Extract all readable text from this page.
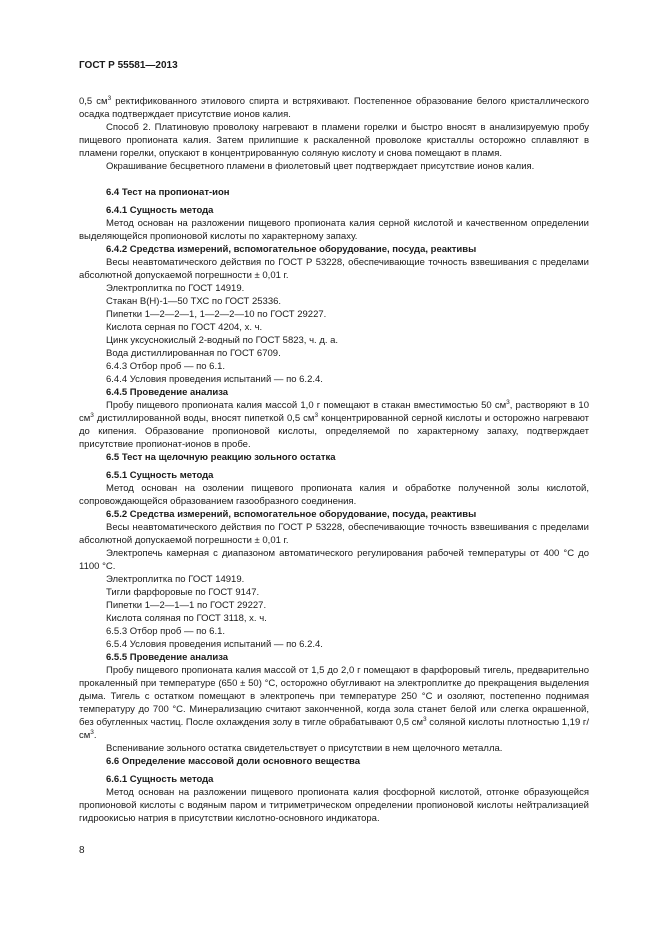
ГОСТ Р 55581—2013

0,5 $см^3$ ректификованного этилового спирта и встряхивают. Постепенное образование белого кристаллического осадка подтверждает присутствие ионов калия.

Способ 2. Платиновую проволоку нагревают в пламени горелки и быстро вносят в анализируемую пробу пищевого пропионата калия. Затем прилипшие к раскаленной проволоке кристаллы осторожно сплавляют в пламени горелки, опускают в концентрированную соляную кислоту и снова помещают в пламя.

Окрашивание бесцветного пламени в фиолетовый цвет подтверждает присутствие ионов калия.

6.4 Тест на пропионат-ион

6.4.1 Сущность метода

Метод основан на разложении пищевого пропионата калия серной кислотой и качественном определении выделяющейся пропионовой кислоты по характерному запаху.

6.4.2 Средства измерений, вспомогательное оборудование, посуда, реактивы

Весы неавтоматического действия по ГОСТ Р 53228, обеспечивающие точность взвешивания с пределами абсолютной допускаемой погрешности ± 0,01 г.

Электроплитка по ГОСТ 14919.

Стакан В(Н)-1—50 ТХС по ГОСТ 25336.

Пипетки 1—2—2—1, 1—2—2—10 по ГОСТ 29227.

Кислота серная по ГОСТ 4204, х. ч.

Цинк уксуснокислый 2-водный по ГОСТ 5823, ч. д. а.

Вода дистиллированная по ГОСТ 6709.

6.4.3 Отбор проб — по 6.1.

6.4.4 Условия проведения испытаний — по 6.2.4.

6.4.5 Проведение анализа

Пробу пищевого пропионата калия массой 1,0 г помещают в стакан вместимостью 50 $см^3$, растворяют в 10 $см^3$ дистиллированной воды, вносят пипеткой 0,5 $см^3$ концентрированной серной кислоты и осторожно нагревают до кипения. Образование пропионовой кислоты, определяемой по характерному запаху, подтверждает присутствие пропионат-ионов в пробе.

6.5 Тест на щелочную реакцию зольного остатка

6.5.1 Сущность метода

Метод основан на озолении пищевого пропионата калия и обработке полученной золы кислотой, сопровождающейся образованием газообразного соединения.

6.5.2 Средства измерений, вспомогательное оборудование, посуда, реактивы

Весы неавтоматического действия по ГОСТ Р 53228, обеспечивающие точность взвешивания с пределами абсолютной допускаемой погрешности ± 0,01 г.

Электропечь камерная с диапазоном автоматического регулирования рабочей температуры от 400 °С до 1100 °С.

Электроплитка по ГОСТ 14919.

Тигли фарфоровые по ГОСТ 9147.

Пипетки 1—2—1—1 по ГОСТ 29227.

Кислота соляная по ГОСТ 3118, х. ч.

6.5.3 Отбор проб — по 6.1.

6.5.4 Условия проведения испытаний — по 6.2.4.

6.5.5 Проведение анализа

Пробу пищевого пропионата калия массой от 1,5 до 2,0 г помещают в фарфоровый тигель, предварительно прокаленный при температуре (650 ± 50) °С, осторожно обугливают на электроплитке до прекращения выделения дыма. Тигель с остатком помещают в электропечь при температуре 250 °С и озоляют, постепенно поднимая температуру до 700 °С. Минерализацию считают законченной, когда зола станет белой или слегка окрашенной, без обугленных частиц. После охлаждения золу в тигле обрабатывают 0,5 $см^3$ соляной кислоты плотностью 1,19 $г/см^3$.

Вспенивание зольного остатка свидетельствует о присутствии в нем щелочного металла.

6.6 Определение массовой доли основного вещества

6.6.1 Сущность метода

Метод основан на разложении пищевого пропионата калия фосфорной кислотой, отгонке образующейся пропионовой кислоты с водяным паром и титриметрическом определении пропионовой кислоты нейтрализацией гидроокисью натрия в присутствии кислотно-основного индикатора.

8
